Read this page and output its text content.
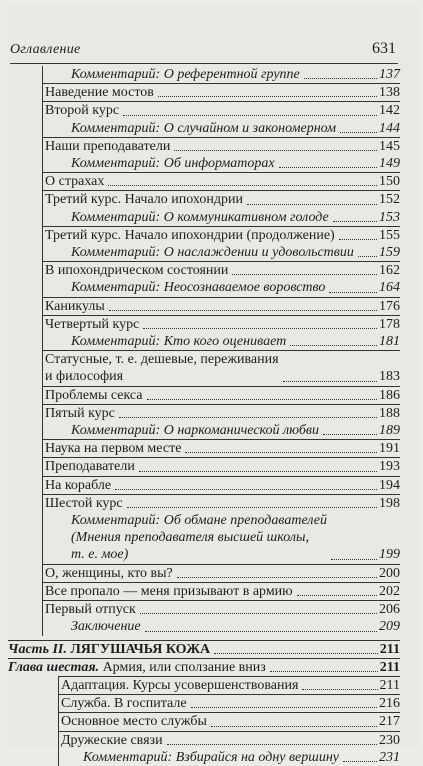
Оглавление	631
Комментарий: О референтной группе	137
Наведение мостов	138
Второй курс	142
Комментарий: О случайном и закономерном	144
Наши преподаватели	145
Комментарий: Об информаторах	149
О страхах	150
Третий курс. Начало ипохондрии	152
Комментарий: О коммуникативном голоде	153
Третий курс. Начало ипохондрии (продолжение)	155
Комментарий: О наслаждении и удовольствии 159
В ипохондрическом состоянии	162
Комментарий: Неосознаваемое воровство	164
Каникулы	176
Четвертый курс	178
Комментарий: Кто кого оценивает	181
Статусные, т. е. дешевые, переживания
и философия	183
Проблемы секса	186
Пятый курс	188
Комментарий: О наркоманической любви	189
Наука на первом месте	191
Преподаватели	193
На корабле	194
Шестой курс	198
Комментарий: Об обмане преподавателей
(Мнения преподавателя высшей школы,
т. е. мое)	199
О, женщины, кто вы?	200
Все пропало — меня призывают в армию	202
Первый отпуск	206
Заключение	209
Часть II. ЛЯГУШАЧЬЯ КОЖА	211
Глава шестая. Армия, или сползание вниз	211
Адаптация. Курсы усовершенствования	211
Служба. В госпитале	216
Основное место службы	217
Дружеские связи	230
Комментарий: Взбирайся на одну вершину	231
